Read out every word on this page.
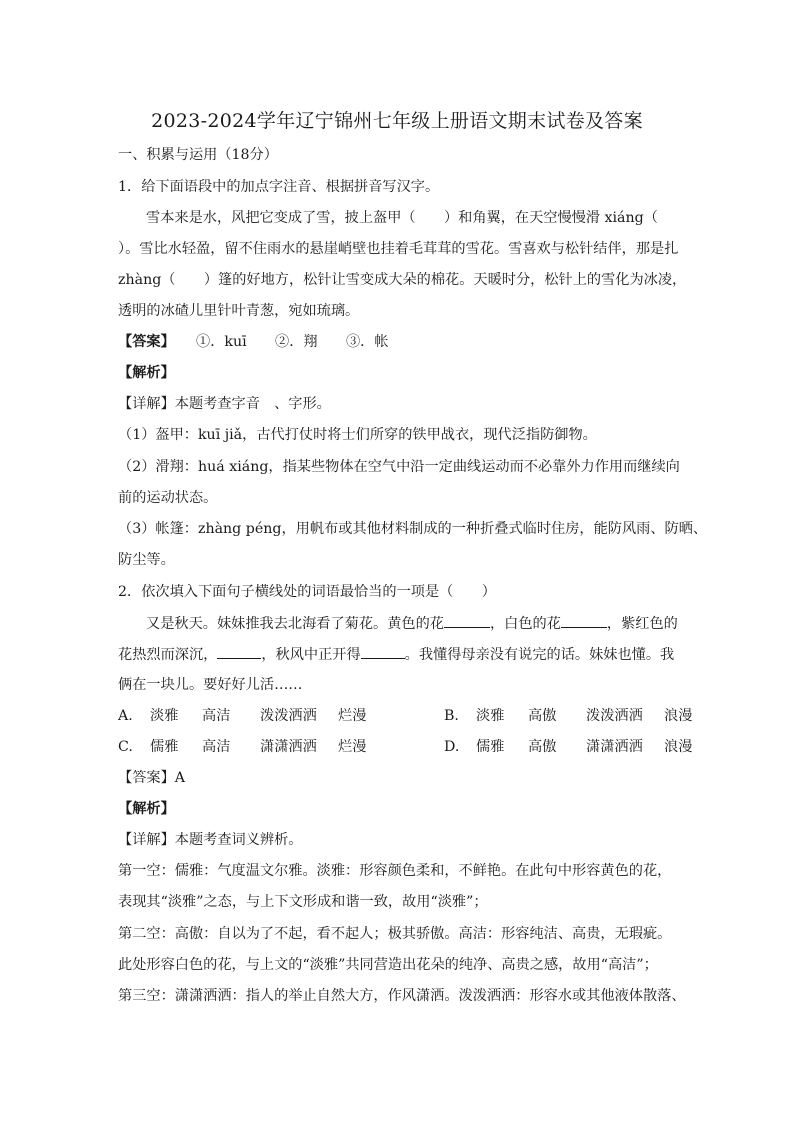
2023-2024学年辽宁锦州七年级上册语文期末试卷及答案
一、积累与运用（18分）
1．给下面语段中的加点字注音、根据拼音写汉字。
雪本来是水，风把它变成了雪，披上盔甲（　　）和角翼，在天空慢慢滑 xiáng（
）。雪比水轻盈，留不住雨水的悬崖峭壁也挂着毛茸茸的雪花。雪喜欢与松针结伴，那是扎
zhàng（　　）篷的好地方，松针让雪变成大朵的棉花。天暖时分，松针上的雪化为冰凌，
透明的冰碴儿里针叶青葱，宛如琉璃。
【答案】　　①．kuī　　②．翔　　③．帐
【解析】
【详解】本题考查字音　、字形。
（1）盔甲：kuī jiǎ，古代打仗时将士们所穿的铁甲战衣，现代泛指防御物。
（2）滑翔：huá xiáng，指某些物体在空气中沿一定曲线运动而不必靠外力作用而继续向
前的运动状态。
（3）帐篷：zhàng péng，用帆布或其他材料制成的一种折叠式临时住房，能防风雨、防晒、
防尘等。
2．依次填入下面句子横线处的词语最恰当的一项是（　　）
又是秋天。妹妹推我去北海看了菊花。黄色的花	，白色的花	，紫红色的
花热烈而深沉，	，秋风中正开得	。我懂得母亲没有说完的话。妹妹也懂。我
俩在一块儿。要好好儿活……
A. 淡雅 高洁 泼泼洒洒 烂漫	B. 淡雅 高傲 泼泼洒洒 浪漫
C. 儒雅 高洁 潇潇洒洒 烂漫	D. 儒雅 高傲 潇潇洒洒 浪漫
【答案】A
【解析】
【详解】本题考查词义辨析。
第一空：儒雅：气度温文尔雅。淡雅：形容颜色柔和，不鲜艳。在此句中形容黄色的花，
表现其“淡雅”之态，与上下文形成和谐一致，故用“淡雅”；
第二空：高傲：自以为了不起，看不起人；极其骄傲。高洁：形容纯洁、高贵，无瑕疵。
此处形容白色的花，与上文的“淡雅”共同营造出花朵的纯净、高贵之感，故用“高洁”；
第三空：潇潇洒洒：指人的举止自然大方，作风潇洒。泼泼洒洒：形容水或其他液体散落、
